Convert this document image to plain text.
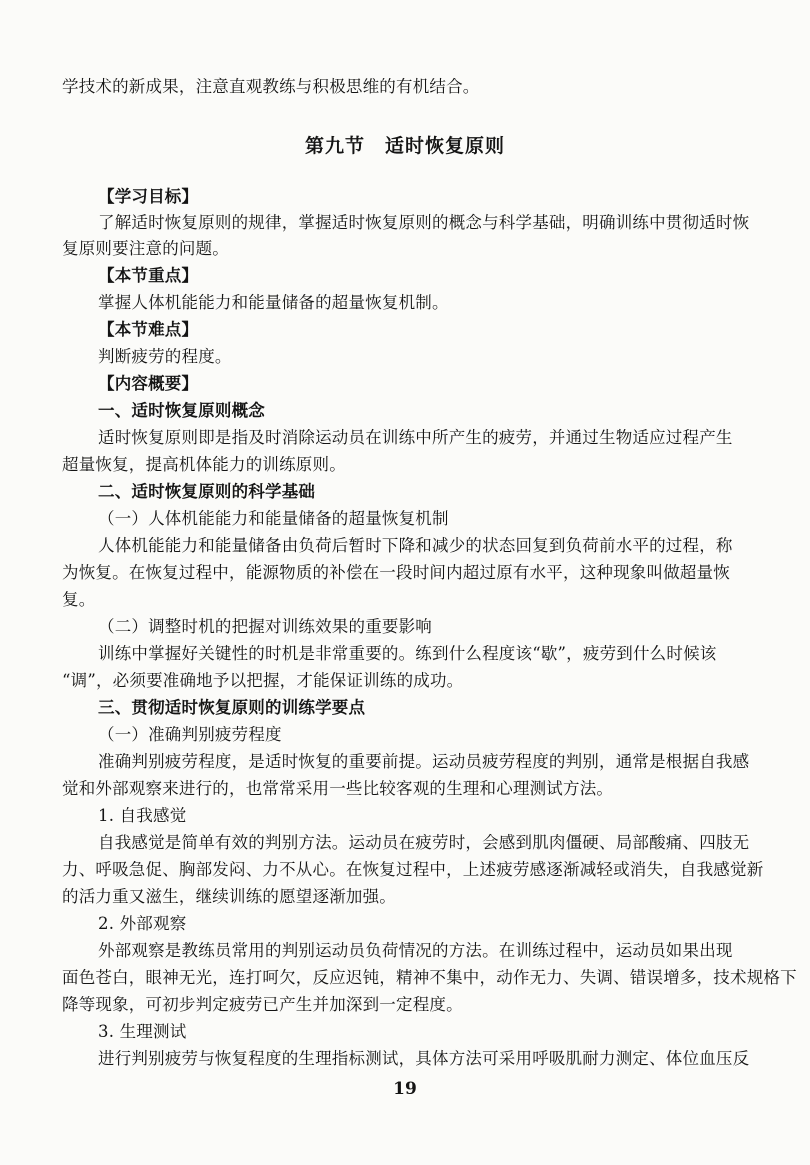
学技术的新成果，注意直观教练与积极思维的有机结合。
第九节　适时恢复原则
【学习目标】
了解适时恢复原则的规律，掌握适时恢复原则的概念与科学基础，明确训练中贯彻适时恢
复原则要注意的问题。
【本节重点】
掌握人体机能能力和能量储备的超量恢复机制。
【本节难点】
判断疲劳的程度。
【内容概要】
一、适时恢复原则概念
适时恢复原则即是指及时消除运动员在训练中所产生的疲劳，并通过生物适应过程产生
超量恢复，提高机体能力的训练原则。
二、适时恢复原则的科学基础
（一）人体机能能力和能量储备的超量恢复机制
人体机能能力和能量储备由负荷后暂时下降和减少的状态回复到负荷前水平的过程，称
为恢复。在恢复过程中，能源物质的补偿在一段时间内超过原有水平，这种现象叫做超量恢
复。
（二）调整时机的把握对训练效果的重要影响
训练中掌握好关键性的时机是非常重要的。练到什么程度该“歇”，疲劳到什么时候该
“调”，必须要准确地予以把握，才能保证训练的成功。
三、贯彻适时恢复原则的训练学要点
（一）准确判别疲劳程度
准确判别疲劳程度，是适时恢复的重要前提。运动员疲劳程度的判别，通常是根据自我感
觉和外部观察来进行的，也常常采用一些比较客观的生理和心理测试方法。
1. 自我感觉
自我感觉是简单有效的判别方法。运动员在疲劳时，会感到肌肉僵硬、局部酸痛、四肢无
力、呼吸急促、胸部发闷、力不从心。在恢复过程中，上述疲劳感逐渐减轻或消失，自我感觉新
的活力重又滋生，继续训练的愿望逐渐加强。
2. 外部观察
外部观察是教练员常用的判别运动员负荷情况的方法。在训练过程中，运动员如果出现
面色苍白，眼神无光，连打呵欠，反应迟钝，精神不集中，动作无力、失调、错误增多，技术规格下
降等现象，可初步判定疲劳已产生并加深到一定程度。
3. 生理测试
进行判别疲劳与恢复程度的生理指标测试，具体方法可采用呼吸肌耐力测定、体位血压反
19
